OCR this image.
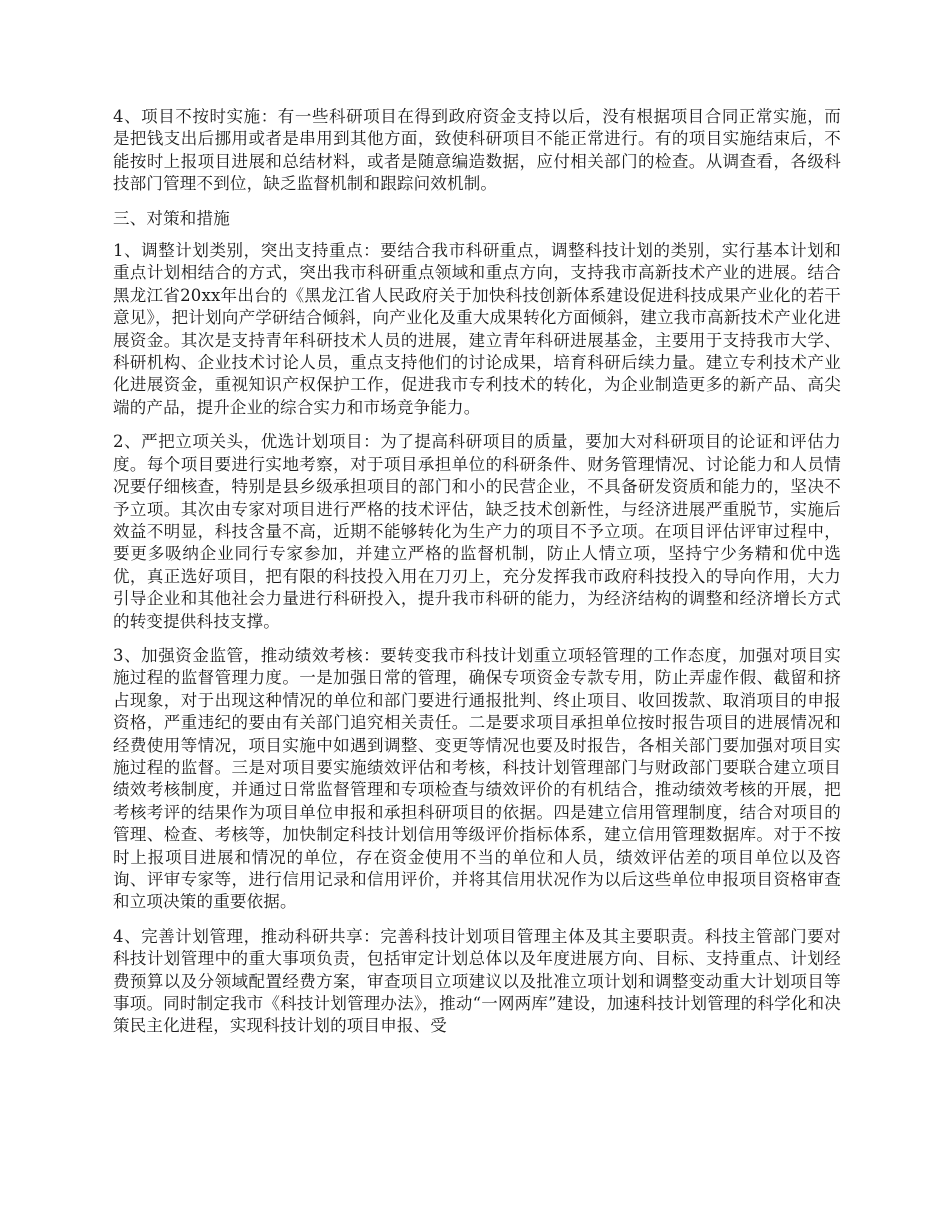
4、项目不按时实施：有一些科研项目在得到政府资金支持以后，没有根据项目合同正常实施，而是把钱支出后挪用或者是串用到其他方面，致使科研项目不能正常进行。有的项目实施结束后，不能按时上报项目进展和总结材料，或者是随意编造数据，应付相关部门的检查。从调查看，各级科技部门管理不到位，缺乏监督机制和跟踪问效机制。

三、对策和措施

1、调整计划类别，突出支持重点：要结合我市科研重点，调整科技计划的类别，实行基本计划和重点计划相结合的方式，突出我市科研重点领域和重点方向，支持我市高新技术产业的进展。结合黑龙江省20xx年出台的《黑龙江省人民政府关于加快科技创新体系建设促进科技成果产业化的若干意见》，把计划向产学研结合倾斜，向产业化及重大成果转化方面倾斜，建立我市高新技术产业化进展资金。其次是支持青年科研技术人员的进展，建立青年科研进展基金，主要用于支持我市大学、科研机构、企业技术讨论人员，重点支持他们的讨论成果，培育科研后续力量。建立专利技术产业化进展资金，重视知识产权保护工作，促进我市专利技术的转化，为企业制造更多的新产品、高尖端的产品，提升企业的综合实力和市场竞争能力。

2、严把立项关头，优选计划项目：为了提高科研项目的质量，要加大对科研项目的论证和评估力度。每个项目要进行实地考察，对于项目承担单位的科研条件、财务管理情况、讨论能力和人员情况要仔细核查，特别是县乡级承担项目的部门和小的民营企业，不具备研发资质和能力的，坚决不予立项。其次由专家对项目进行严格的技术评估，缺乏技术创新性，与经济进展严重脱节，实施后效益不明显，科技含量不高，近期不能够转化为生产力的项目不予立项。在项目评估评审过程中，要更多吸纳企业同行专家参加，并建立严格的监督机制，防止人情立项，坚持宁少务精和优中选优，真正选好项目，把有限的科技投入用在刀刃上，充分发挥我市政府科技投入的导向作用，大力引导企业和其他社会力量进行科研投入，提升我市科研的能力，为经济结构的调整和经济增长方式的转变提供科技支撑。

3、加强资金监管，推动绩效考核：要转变我市科技计划重立项轻管理的工作态度，加强对项目实施过程的监督管理力度。一是加强日常的管理，确保专项资金专款专用，防止弄虚作假、截留和挤占现象，对于出现这种情况的单位和部门要进行通报批判、终止项目、收回拨款、取消项目的申报资格，严重违纪的要由有关部门追究相关责任。二是要求项目承担单位按时报告项目的进展情况和经费使用等情况，项目实施中如遇到调整、变更等情况也要及时报告，各相关部门要加强对项目实施过程的监督。三是对项目要实施绩效评估和考核，科技计划管理部门与财政部门要联合建立项目绩效考核制度，并通过日常监督管理和专项检查与绩效评价的有机结合，推动绩效考核的开展，把考核考评的结果作为项目单位申报和承担科研项目的依据。四是建立信用管理制度，结合对项目的管理、检查、考核等，加快制定科技计划信用等级评价指标体系，建立信用管理数据库。对于不按时上报项目进展和情况的单位，存在资金使用不当的单位和人员，绩效评估差的项目单位以及咨询、评审专家等，进行信用记录和信用评价，并将其信用状况作为以后这些单位申报项目资格审查和立项决策的重要依据。

4、完善计划管理，推动科研共享：完善科技计划项目管理主体及其主要职责。科技主管部门要对科技计划管理中的重大事项负责，包括审定计划总体以及年度进展方向、目标、支持重点、计划经费预算以及分领域配置经费方案，审查项目立项建议以及批准立项计划和调整变动重大计划项目等事项。同时制定我市《科技计划管理办法》，推动“一网两库”建设，加速科技计划管理的科学化和决策民主化进程，实现科技计划的项目申报、受
